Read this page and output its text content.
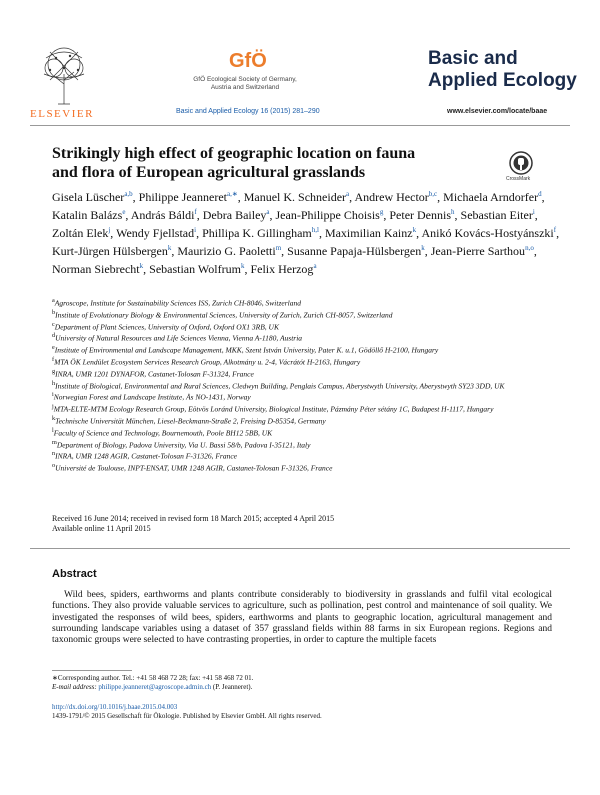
ELSEVIER
GfÖ
GfÖ Ecological Society of Germany,
Austria and Switzerland
Basic and Applied Ecology 16 (2015) 281–290
Basic and
Applied Ecology
www.elsevier.com/locate/baae
Strikingly high effect of geographic location on fauna and flora of European agricultural grasslands	CrossMark
Gisela Lüscher$^{a,b}$, Philippe Jeanneret$^{a,∗}$, Manuel K. Schneider$^a$, Andrew Hector$^{b,c}$, Michaela Arndorfer$^d$, Katalin Balázs$^e$, András Báldi$^f$, Debra Bailey$^a$, Jean-Philippe Choisis$^g$, Peter Dennis$^h$, Sebastian Eiter$^i$, Zoltán Elek$^j$, Wendy Fjellstad$^i$, Phillipa K. Gillingham$^{h,l}$, Maximilian Kainz$^k$, Anikó Kovács-Hostyánszki$^f$, Kurt-Jürgen Hülsbergen$^k$, Maurizio G. Paoletti$^m$, Susanne Papaja-Hülsbergen$^k$, Jean-Pierre Sarthou$^{n,o}$, Norman Siebrecht$^k$, Sebastian Wolfrum$^k$, Felix Herzog$^a$
$^a$Agroscope, Institute for Sustainability Sciences ISS, Zurich CH-8046, Switzerland
$^b$Institute of Evolutionary Biology & Environmental Sciences, University of Zurich, Zurich CH-8057, Switzerland
$^c$Department of Plant Sciences, University of Oxford, Oxford OX1 3RB, UK
$^d$University of Natural Resources and Life Sciences Vienna, Vienna A-1180, Austria
$^e$Institute of Environmental and Landscape Management, MKK, Szent István University, Pater K. u.1, Gödöllő H-2100, Hungary
$^f$MTA ÖK Lendület Ecosystem Services Research Group, Alkotmány u. 2-4, Vácrátót H-2163, Hungary
$^g$INRA, UMR 1201 DYNAFOR, Castanet-Tolosan F-31324, France
$^h$Institute of Biological, Environmental and Rural Sciences, Cledwyn Building, Penglais Campus, Aberystwyth University, Aberystwyth SY23 3DD, UK
$^i$Norwegian Forest and Landscape Institute, Ås NO-1431, Norway
$^j$MTA-ELTE-MTM Ecology Research Group, Eötvös Loránd University, Biological Institute, Pázmány Péter sétány 1C, Budapest H-1117, Hungary
$^k$Technische Universität München, Liesel-Beckmann-Straße 2, Freising D-85354, Germany
$^l$Faculty of Science and Technology, Bournemouth, Poole BH12 5BB, UK
$^m$Department of Biology, Padova University, Via U. Bassi 58/b, Padova I-35121, Italy
$^n$INRA, UMR 1248 AGIR, Castanet-Tolosan F-31326, France
$^o$Université de Toulouse, INPT-ENSAT, UMR 1248 AGIR, Castanet-Tolosan F-31326, France
Received 16 June 2014; received in revised form 18 March 2015; accepted 4 April 2015
Available online 11 April 2015
Abstract
Wild bees, spiders, earthworms and plants contribute considerably to biodiversity in grasslands and fulfil vital ecological functions. They also provide valuable services to agriculture, such as pollination, pest control and maintenance of soil quality. We investigated the responses of wild bees, spiders, earthworms and plants to geographic location, agricultural management and surrounding landscape variables using a dataset of 357 grassland fields within 88 farms in six European regions. Regions and taxonomic groups were selected to have contrasting properties, in order to capture the multiple facets
∗Corresponding author. Tel.: +41 58 468 72 28; fax: +41 58 468 72 01.
E-mail address: philippe.jeanneret@agroscope.admin.ch (P. Jeanneret).
http://dx.doi.org/10.1016/j.baae.2015.04.003
1439-1791/© 2015 Gesellschaft für Ökologie. Published by Elsevier GmbH. All rights reserved.
